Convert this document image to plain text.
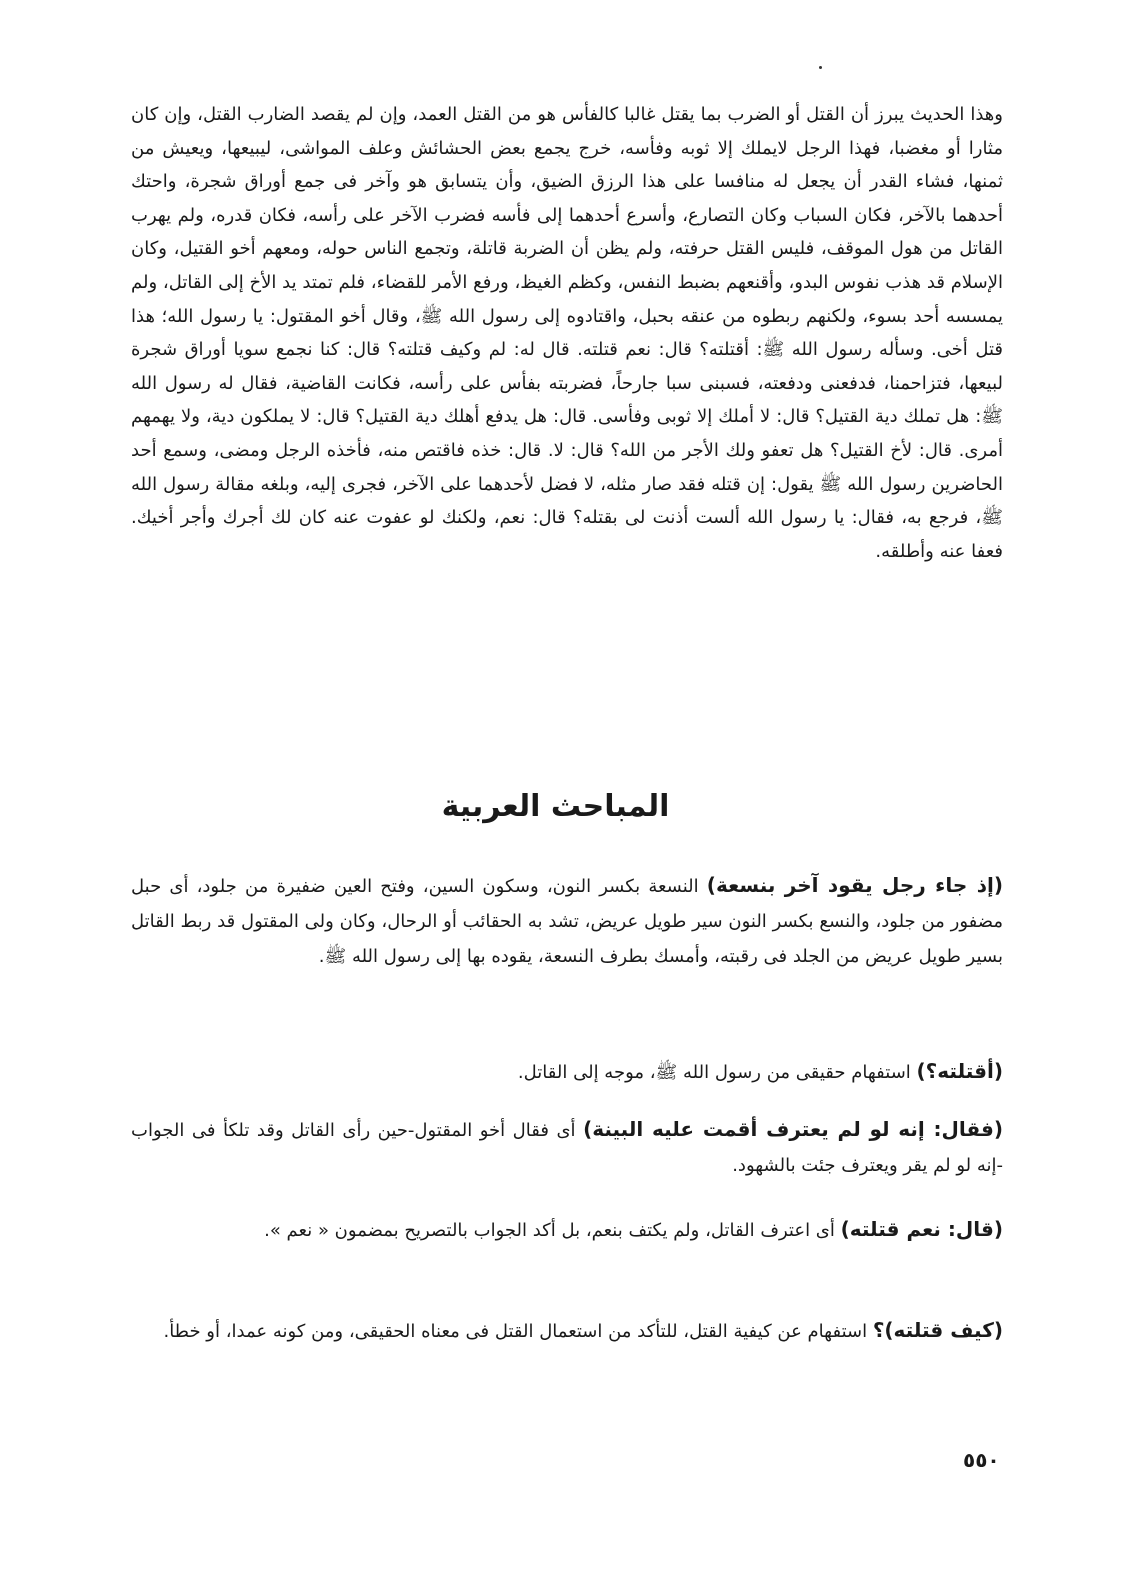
وهذا الحديث يبرز أن القتل أو الضرب بما يقتل غالبا كالفأس هو من القتل العمد، وإن لم يقصد الضارب القتل، وإن كان مثارا أو مغضبا، فهذا الرجل لايملك إلا ثوبه وفأسه، خرج يجمع بعض الحشائش وعلف المواشى، ليبيعها، ويعيش من ثمنها، فشاء القدر أن يجعل له منافسا على هذا الرزق الضيق، وأن يتسابق هو وآخر فى جمع أوراق شجرة، واحتك أحدهما بالآخر، فكان السباب وكان التصارع، وأسرع أحدهما إلى فأسه فضرب الآخر على رأسه، فكان قدره، ولم يهرب القاتل من هول الموقف، فليس القتل حرفته، ولم يظن أن الضربة قاتلة، وتجمع الناس حوله، ومعهم أخو القتيل، وكان الإسلام قد هذب نفوس البدو، وأقنعهم بضبط النفس، وكظم الغيظ، ورفع الأمر للقضاء، فلم تمتد يد الأخ إلى القاتل، ولم يمسسه أحد بسوء، ولكنهم ربطوه من عنقه بحبل، واقتادوه إلى رسول الله ﷺ، وقال أخو المقتول: يا رسول الله؛ هذا قتل أخى. وسأله رسول الله ﷺ: أقتلته؟ قال: نعم قتلته. قال له: لم وكيف قتلته؟ قال: كنا نجمع سويا أوراق شجرة لبيعها، فتزاحمنا، فدفعنى ودفعته، فسبنى سبا جارحاً، فضربته بفأس على رأسه، فكانت القاضية، فقال له رسول الله ﷺ: هل تملك دية القتيل؟ قال: لا أملك إلا ثوبى وفأسى. قال: هل يدفع أهلك دية القتيل؟ قال: لا يملكون دية، ولا يهمهم أمرى. قال: لأخ القتيل؟ هل تعفو ولك الأجر من الله؟ قال: لا. قال: خذه فاقتص منه، فأخذه الرجل ومضى، وسمع أحد الحاضرين رسول الله ﷺ يقول: إن قتله فقد صار مثله، لا فضل لأحدهما على الآخر، فجرى إليه، وبلغه مقالة رسول الله ﷺ، فرجع به، فقال: يا رسول الله ألست أذنت لى بقتله؟ قال: نعم، ولكنك لو عفوت عنه كان لك أجرك وأجر أخيك. فعفا عنه وأطلقه.

المباحث العربية

(إذ جاء رجل يقود آخر بنسعة) النسعة بكسر النون، وسكون السين، وفتح العين ضفيرة من جلود، أى حبل مضفور من جلود، والنسع بكسر النون سير طويل عريض، تشد به الحقائب أو الرحال، وكان ولى المقتول قد ربط القاتل بسير طويل عريض من الجلد فى رقبته، وأمسك بطرف النسعة، يقوده بها إلى رسول الله ﷺ.

(أقتلته؟) استفهام حقيقى من رسول الله ﷺ، موجه إلى القاتل.

(فقال: إنه لو لم يعترف أقمت عليه البينة) أى فقال أخو المقتول-حين رأى القاتل وقد تلكأ فى الجواب -إنه لو لم يقر ويعترف جئت بالشهود.

(قال: نعم قتلته) أى اعترف القاتل، ولم يكتف بنعم، بل أكد الجواب بالتصريح بمضمون « نعم ».

(كيف قتلته)؟ استفهام عن كيفية القتل، للتأكد من استعمال القتل فى معناه الحقيقى، ومن كونه عمدا، أو خطأ.

٥٥٠
